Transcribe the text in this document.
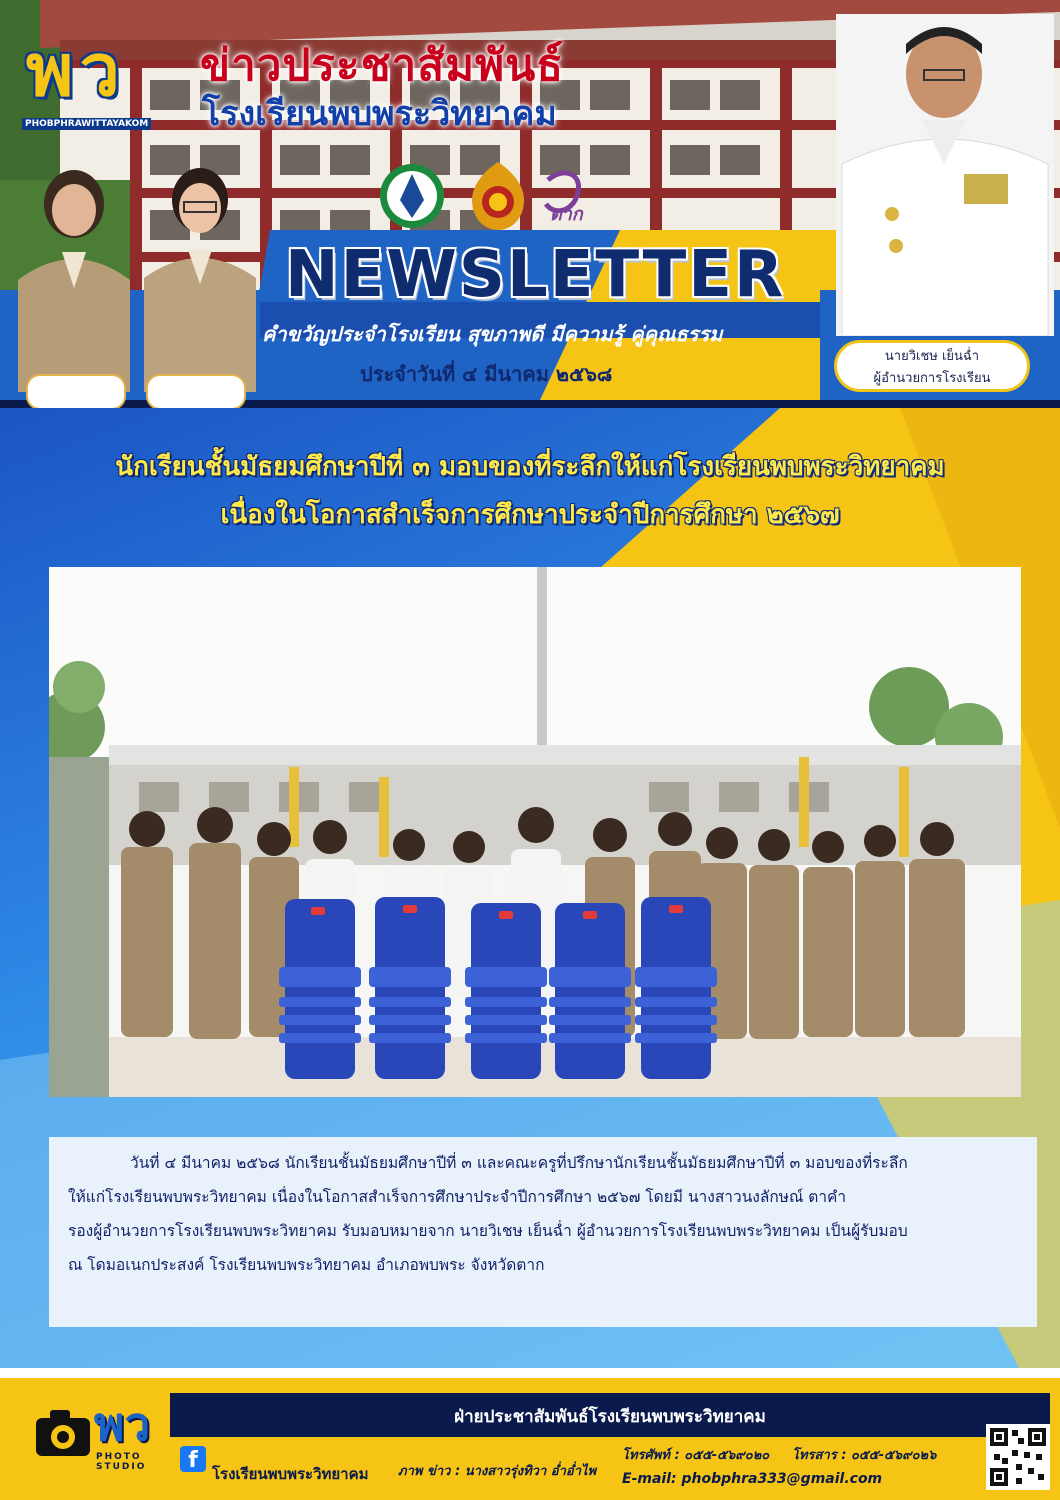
พว
PHOBPHRAWITTAYAKOM
ข่าวประชาสัมพันธ์
โรงเรียนพบพระวิทยาคม
ตาก
NEWSLETTER
คำขวัญประจำโรงเรียน สุขภาพดี มีความรู้ คู่คุณธรรม
ประจำวันที่ ๔ มีนาคม ๒๕๖๘
นายวิเชษ เย็นฉ่ำ
ผู้อำนวยการโรงเรียน
นักเรียนชั้นมัธยมศึกษาปีที่ ๓ มอบของที่ระลึกให้แก่โรงเรียนพบพระวิทยาคม
เนื่องในโอกาสสำเร็จการศึกษาประจำปีการศึกษา ๒๕๖๗
วันที่ ๔ มีนาคม ๒๕๖๘ นักเรียนชั้นมัธยมศึกษาปีที่ ๓ และคณะครูที่ปรึกษานักเรียนชั้นมัธยมศึกษาปีที่ ๓ มอบของที่ระลึก
ให้แก่โรงเรียนพบพระวิทยาคม เนื่องในโอกาสสำเร็จการศึกษาประจำปีการศึกษา ๒๕๖๗ โดยมี นางสาวนงลักษณ์ ตาคำ
รองผู้อำนวยการโรงเรียนพบพระวิทยาคม รับมอบหมายจาก นายวิเชษ เย็นฉ่ำ ผู้อำนวยการโรงเรียนพบพระวิทยาคม เป็นผู้รับมอบ
ณ โดมอเนกประสงค์ โรงเรียนพบพระวิทยาคม อำเภอพบพระ จังหวัดตาก
ฝ่ายประชาสัมพันธ์โรงเรียนพบพระวิทยาคม
พว
PHOTO STUDIO	f
โรงเรียนพบพระวิทยาคม ภาพ ข่าว : นางสาวรุ่งทิวา อ่ำอ่ำไพ
โทรศัพท์ : ๐๕๕-๕๖๙๐๒๐ โทรสาร : ๐๕๕-๕๖๙๐๒๖
E-mail: phobphra333@gmail.com
